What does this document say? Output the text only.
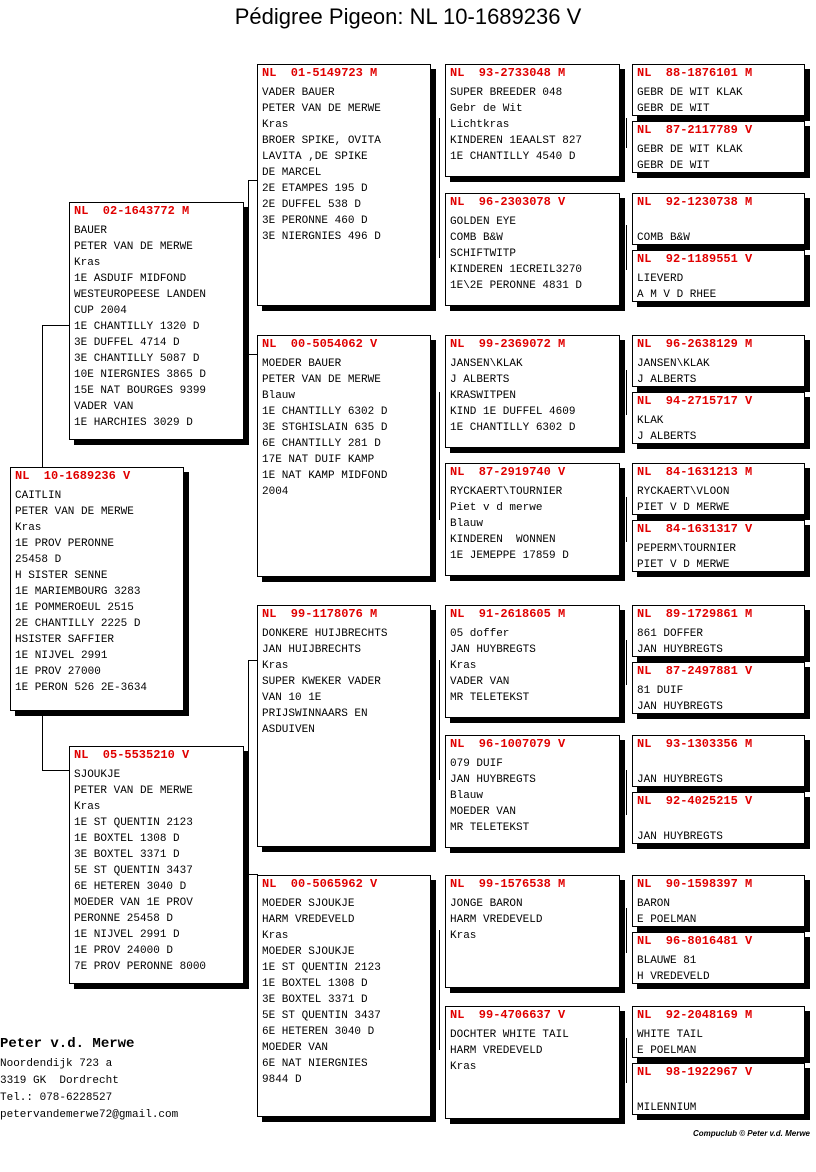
Pédigree Pigeon: NL 10-1689236 V
NL  10-1689236 V
CAITLIN
PETER VAN DE MERWE
Kras
1E PROV PERONNE
25458 D
H SISTER SENNE
1E MARIEMBOURG 3283
1E POMMEROEUL 2515
2E CHANTILLY 2225 D
HSISTER SAFFIER
1E NIJVEL 2991
1E PROV 27000
1E PERON 526 2E-3634
NL  02-1643772 M
BAUER
PETER VAN DE MERWE
Kras
1E ASDUIF MIDFOND
WESTEUROPEESE LANDEN
CUP 2004
1E CHANTILLY 1320 D
3E DUFFEL 4714 D
3E CHANTILLY 5087 D
10E NIERGNIES 3865 D
15E NAT BOURGES 9399
VADER VAN
1E HARCHIES 3029 D
NL  05-5535210 V
SJOUKJE
PETER VAN DE MERWE
Kras
1E ST QUENTIN 2123
1E BOXTEL 1308 D
3E BOXTEL 3371 D
5E ST QUENTIN 3437
6E HETEREN 3040 D
MOEDER VAN 1E PROV
PERONNE 25458 D
1E NIJVEL 2991 D
1E PROV 24000 D
7E PROV PERONNE 8000
NL  01-5149723 M
VADER BAUER
PETER VAN DE MERWE
Kras
BROER SPIKE, OVITA
LAVITA ,DE SPIKE
DE MARCEL
2E ETAMPES 195 D
2E DUFFEL 538 D
3E PERONNE 460 D
3E NIERGNIES 496 D
NL  00-5054062 V
MOEDER BAUER
PETER VAN DE MERWE
Blauw
1E CHANTILLY 6302 D
3E STGHISLAIN 635 D
6E CHANTILLY 281 D
17E NAT DUIF KAMP
1E NAT KAMP MIDFOND
2004
NL  99-1178076 M
DONKERE HUIJBRECHTS
JAN HUIJBRECHTS
Kras
SUPER KWEKER VADER
VAN 10 1E
PRIJSWINNAARS EN
ASDUIVEN
NL  00-5065962 V
MOEDER SJOUKJE
HARM VREDEVELD
Kras
MOEDER SJOUKJE
1E ST QUENTIN 2123
1E BOXTEL 1308 D
3E BOXTEL 3371 D
5E ST QUENTIN 3437
6E HETEREN 3040 D
MOEDER VAN
6E NAT NIERGNIES
9844 D
NL  93-2733048 M
SUPER BREEDER 048
Gebr de Wit
Lichtkras
KINDEREN 1EAALST 827
1E CHANTILLY 4540 D
NL  96-2303078 V
GOLDEN EYE
COMB B&W
SCHIFTWITP
KINDEREN 1ECREIL3270
1E\2E PERONNE 4831 D
NL  99-2369072 M
JANSEN\KLAK
J ALBERTS
KRASWITPEN
KIND 1E DUFFEL 4609
1E CHANTILLY 6302 D
NL  87-2919740 V
RYCKAERT\TOURNIER
Piet v d merwe
Blauw
KINDEREN  WONNEN
1E JEMEPPE 17859 D
NL  91-2618605 M
05 doffer
JAN HUYBREGTS
Kras
VADER VAN
MR TELETEKST
NL  96-1007079 V
079 DUIF
JAN HUYBREGTS
Blauw
MOEDER VAN
MR TELETEKST
NL  99-1576538 M
JONGE BARON
HARM VREDEVELD
Kras
NL  99-4706637 V
DOCHTER WHITE TAIL
HARM VREDEVELD
Kras
NL  88-1876101 M
GEBR DE WIT KLAK
GEBR DE WIT
NL  87-2117789 V
GEBR DE WIT KLAK
GEBR DE WIT
NL  92-1230738 M
COMB B&W
NL  92-1189551 V
LIEVERD
A M V D RHEE
NL  96-2638129 M
JANSEN\KLAK
J ALBERTS
NL  94-2715717 V
KLAK
J ALBERTS
NL  84-1631213 M
RYCKAERT\VLOON
PIET V D MERWE
NL  84-1631317 V
PEPERM\TOURNIER
PIET V D MERWE
NL  89-1729861 M
861 DOFFER
JAN HUYBREGTS
NL  87-2497881 V
81 DUIF
JAN HUYBREGTS
NL  93-1303356 M
JAN HUYBREGTS
NL  92-4025215 V
JAN HUYBREGTS
NL  90-1598397 M
BARON
E POELMAN
NL  96-8016481 V
BLAUWE 81
H VREDEVELD
NL  92-2048169 M
WHITE TAIL
E POELMAN
NL  98-1922967 V
MILENNIUM
Peter v.d. Merwe
Noordendijk 723 a
3319 GK  Dordrecht
Tel.: 078-6228527
petervandemerwe72@gmail.com
Compuclub © Peter v.d. Merwe
